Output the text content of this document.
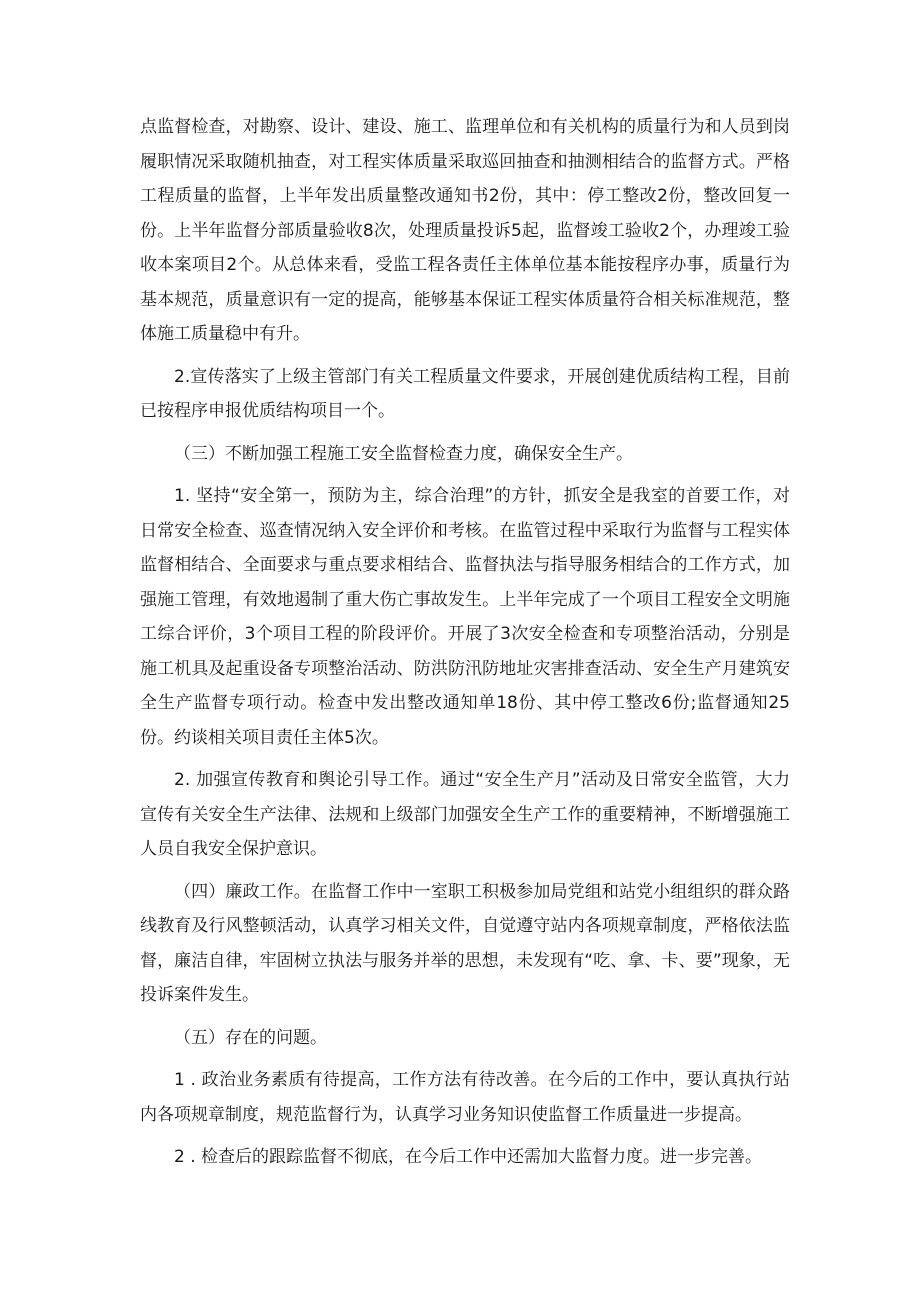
点监督检查，对勘察、设计、建设、施工、监理单位和有关机构的质量行为和人员到岗履职情况采取随机抽查，对工程实体质量采取巡回抽查和抽测相结合的监督方式。严格工程质量的监督，上半年发出质量整改通知书2份，其中：停工整改2份，整改回复一份。上半年监督分部质量验收8次，处理质量投诉5起，监督竣工验收2个，办理竣工验收本案项目2个。从总体来看，受监工程各责任主体单位基本能按程序办事，质量行为基本规范，质量意识有一定的提高，能够基本保证工程实体质量符合相关标准规范，整体施工质量稳中有升。

2.宣传落实了上级主管部门有关工程质量文件要求，开展创建优质结构工程，目前已按程序申报优质结构项目一个。

（三）不断加强工程施工安全监督检查力度，确保安全生产。

1. 坚持“安全第一，预防为主，综合治理”的方针，抓安全是我室的首要工作，对日常安全检查、巡查情况纳入安全评价和考核。在监管过程中采取行为监督与工程实体监督相结合、全面要求与重点要求相结合、监督执法与指导服务相结合的工作方式，加强施工管理，有效地遏制了重大伤亡事故发生。上半年完成了一个项目工程安全文明施工综合评价，3个项目工程的阶段评价。开展了3次安全检查和专项整治活动，分别是施工机具及起重设备专项整治活动、防洪防汛防地址灾害排查活动、安全生产月建筑安全生产监督专项行动。检查中发出整改通知单18份、其中停工整改6份;监督通知25份。约谈相关项目责任主体5次。

2. 加强宣传教育和舆论引导工作。通过“安全生产月”活动及日常安全监管，大力宣传有关安全生产法律、法规和上级部门加强安全生产工作的重要精神，不断增强施工人员自我安全保护意识。

（四）廉政工作。在监督工作中一室职工积极参加局党组和站党小组组织的群众路线教育及行风整顿活动，认真学习相关文件，自觉遵守站内各项规章制度，严格依法监督，廉洁自律，牢固树立执法与服务并举的思想，未发现有“吃、拿、卡、要”现象，无投诉案件发生。

（五）存在的问题。

1 . 政治业务素质有待提高，工作方法有待改善。在今后的工作中，要认真执行站内各项规章制度，规范监督行为，认真学习业务知识使监督工作质量进一步提高。

2 . 检查后的跟踪监督不彻底，在今后工作中还需加大监督力度。进一步完善。
